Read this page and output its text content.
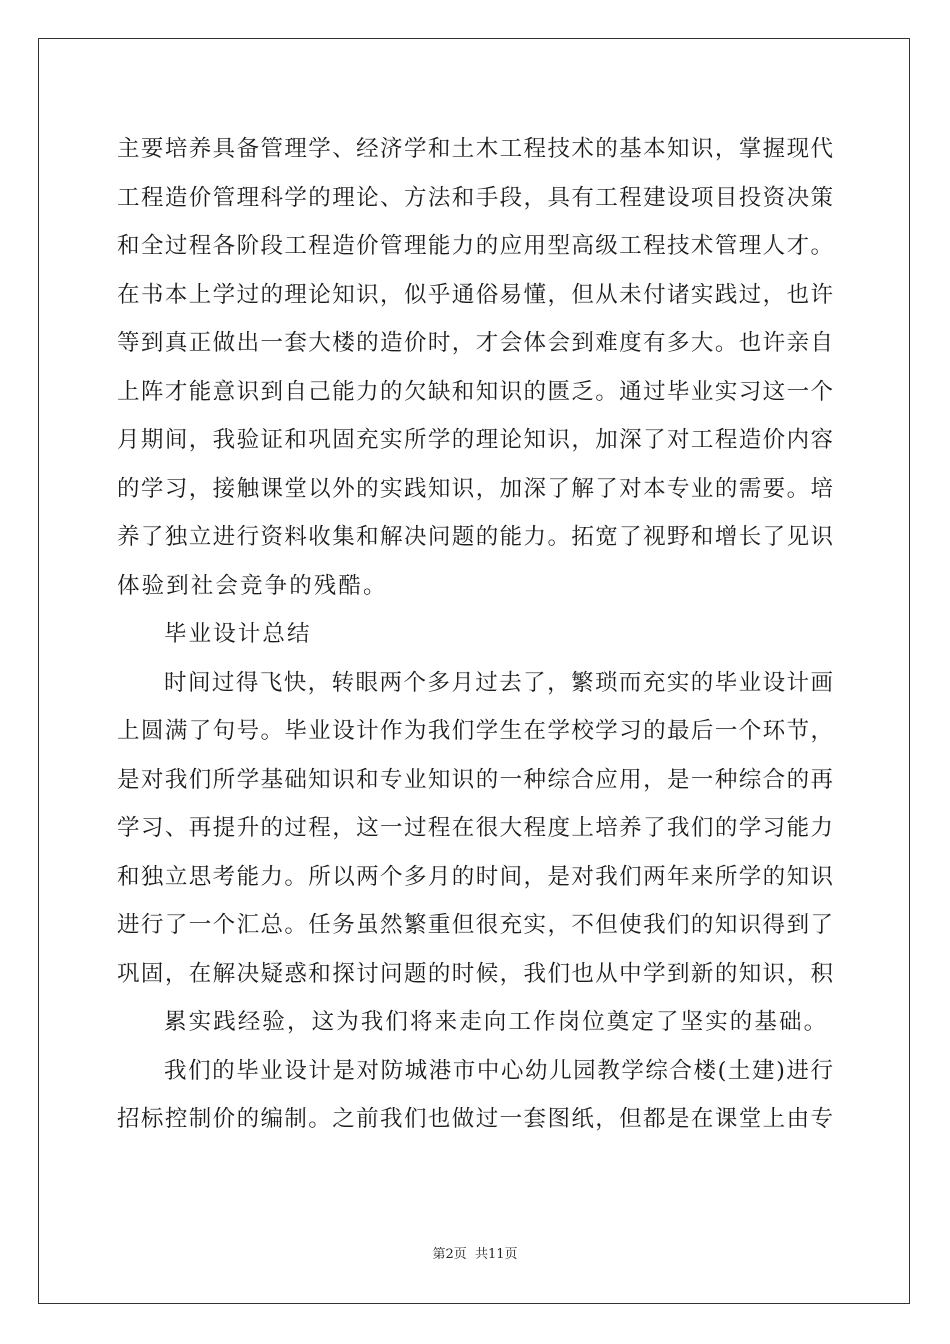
主要培养具备管理学、经济学和土木工程技术的基本知识，掌握现代
工程造价管理科学的理论、方法和手段，具有工程建设项目投资决策
和全过程各阶段工程造价管理能力的应用型高级工程技术管理人才。
在书本上学过的理论知识，似乎通俗易懂，但从未付诸实践过，也许
等到真正做出一套大楼的造价时，才会体会到难度有多大。也许亲自
上阵才能意识到自己能力的欠缺和知识的匮乏。通过毕业实习这一个
月期间，我验证和巩固充实所学的理论知识，加深了对工程造价内容
的学习，接触课堂以外的实践知识，加深了解了对本专业的需要。培
养了独立进行资料收集和解决问题的能力。拓宽了视野和增长了见识
体验到社会竞争的残酷。
毕业设计总结
时间过得飞快，转眼两个多月过去了，繁琐而充实的毕业设计画
上圆满了句号。毕业设计作为我们学生在学校学习的最后一个环节，
是对我们所学基础知识和专业知识的一种综合应用，是一种综合的再
学习、再提升的过程，这一过程在很大程度上培养了我们的学习能力
和独立思考能力。所以两个多月的时间，是对我们两年来所学的知识
进行了一个汇总。任务虽然繁重但很充实，不但使我们的知识得到了
巩固，在解决疑惑和探讨问题的时候，我们也从中学到新的知识，积
累实践经验，这为我们将来走向工作岗位奠定了坚实的基础。
我们的毕业设计是对防城港市中心幼儿园教学综合楼(土建)进行
招标控制价的编制。之前我们也做过一套图纸，但都是在课堂上由专
第2页  共11页
